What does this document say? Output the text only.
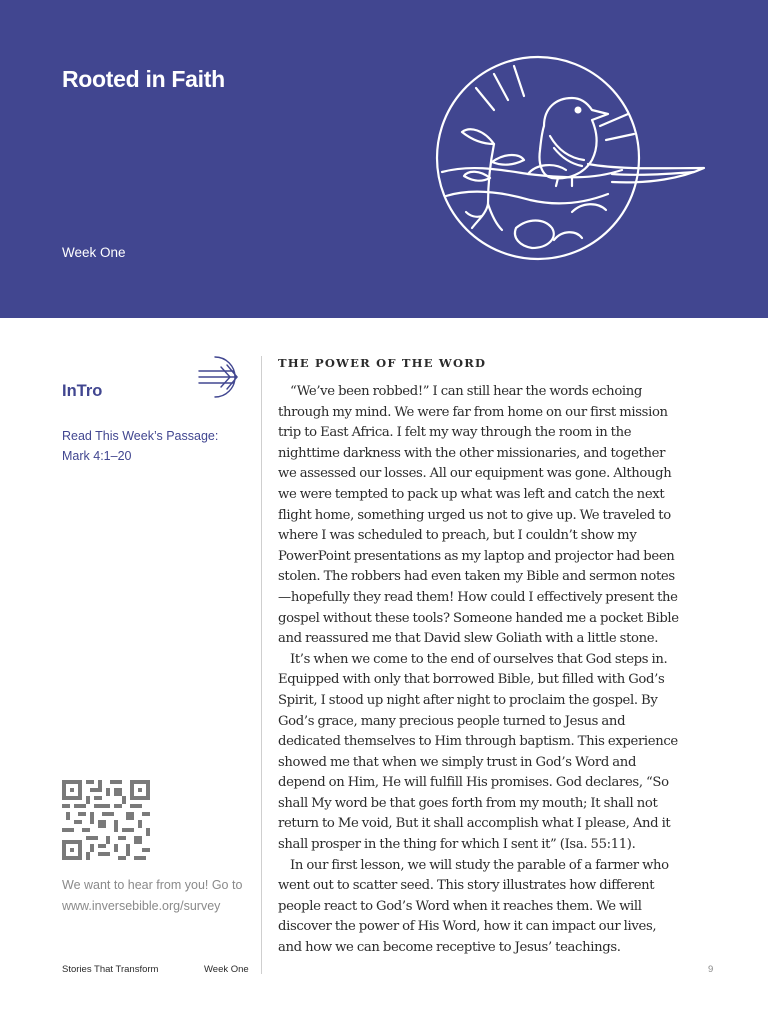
Rooted in Faith
Week One
InTro
Read This Week’s Passage:
Mark 4:1–20
We want to hear from you! Go to
www.inversebible.org/survey
THE POWER OF THE WORD

“We’ve been robbed!” I can still hear the words echoing through my mind. We were far from home on our first mission trip to East Africa. I felt my way through the room in the nighttime darkness with the other missionaries, and together we assessed our losses. All our equipment was gone. Although we were tempted to pack up what was left and catch the next flight home, something urged us not to give up. We traveled to where I was scheduled to preach, but I couldn’t show my PowerPoint presentations as my laptop and projector had been stolen. The robbers had even taken my Bible and sermon notes—hopefully they read them! How could I effectively present the gospel without these tools? Someone handed me a pocket Bible and reassured me that David slew Goliath with a little stone.

It’s when we come to the end of ourselves that God steps in. Equipped with only that borrowed Bible, but filled with God’s Spirit, I stood up night after night to proclaim the gospel. By God’s grace, many precious people turned to Jesus and dedicated themselves to Him through baptism. This experience showed me that when we simply trust in God’s Word and depend on Him, He will fulfill His promises. God declares, “So shall My word be that goes forth from my mouth; It shall not return to Me void, But it shall accomplish what I please, And it shall prosper in the thing for which I sent it” (Isa. 55:11).

In our first lesson, we will study the parable of a farmer who went out to scatter seed. This story illustrates how different people react to God’s Word when it reaches them. We will discover the power of His Word, how it can impact our lives, and how we can become receptive to Jesus’ teachings.

Stories That Transform	Week One	9
